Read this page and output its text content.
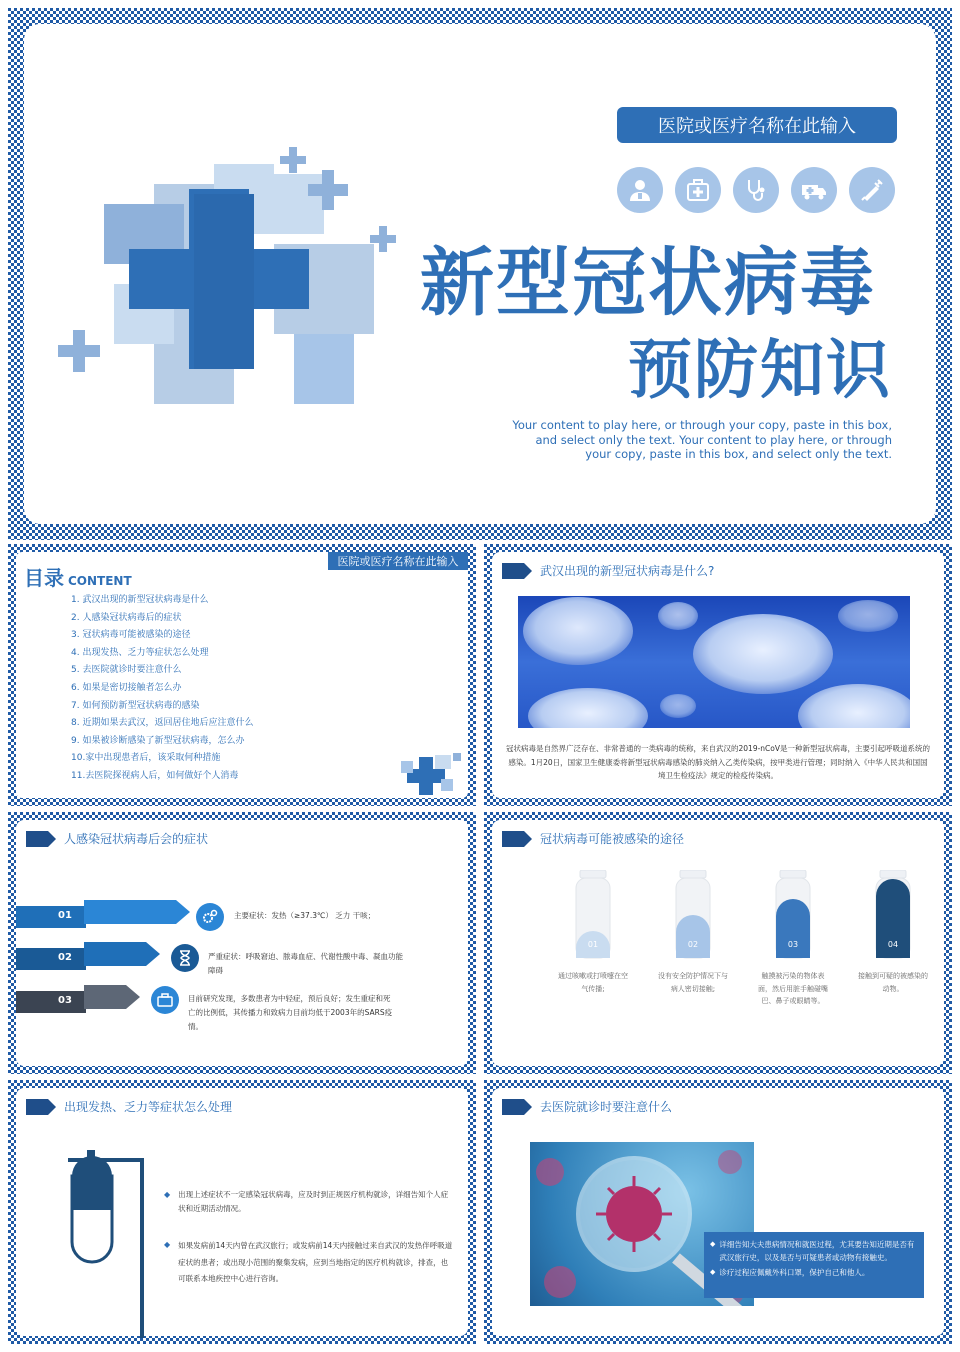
医院或医疗名称在此输入
新型冠状病毒
预防知识
Your content to play here, or through your copy, paste in this box, and select only the text. Your content to play here, or through your copy, paste in this box, and select only the text.
目录 CONTENT
医院或医疗名称在此输入
1. 武汉出现的新型冠状病毒是什么
2. 人感染冠状病毒后的症状
3. 冠状病毒可能被感染的途径
4. 出现发热、乏力等症状怎么处理
5. 去医院就诊时要注意什么
6. 如果是密切接触者怎么办
7. 如何预防新型冠状病毒的感染
8. 近期如果去武汉，返回居住地后应注意什么
9. 如果被诊断感染了新型冠状病毒，怎么办
10.家中出现患者后，该采取何种措施
11.去医院探视病人后，如何做好个人消毒
武汉出现的新型冠状病毒是什么?
冠状病毒是自然界广泛存在、非常普通的一类病毒的统称，来自武汉的2019-nCoV是一种新型冠状病毒，主要引起呼吸道系统的感染。1月20日，国家卫生健康委将新型冠状病毒感染的肺炎纳入乙类传染病，按甲类进行管理；同时纳入《中华人民共和国国境卫生检疫法》规定的检疫传染病。
人感染冠状病毒后会的症状
01	主要症状：发热（≥37.3℃） 乏力 干咳；
02	严重症状：呼吸窘迫、脓毒血症、代谢性酸中毒、凝血功能障碍
03	目前研究发现，多数患者为中轻症，预后良好；发生重症和死亡的比例低，其传播力和致病力目前均低于2003年的SARS疫情。
冠状病毒可能被感染的途径
01
通过咳嗽或打喷嚏在空气传播;
02
没有安全防护情况下与病人密切接触;
03
触摸被污染的物体表面，然后用脏手触碰嘴巴、鼻子或眼睛等。
04
接触到可疑的被感染的动物。
出现发热、乏力等症状怎么处理
◆ 出现上述症状不一定感染冠状病毒，应及时到正规医疗机构就诊，详细告知个人症状和近期活动情况。
◆ 如果发病前14天内曾在武汉旅行；或发病前14天内接触过来自武汉的发热伴呼吸道症状的患者；或出现小范围的聚集发病，应到当地指定的医疗机构就诊，排查，也可联系本地疾控中心进行咨询。
去医院就诊时要注意什么
◆ 详细告知大夫患病情况和就医过程，尤其要告知近期是否有武汉旅行史，以及是否与可疑患者或动物有接触史。
◆ 诊疗过程应佩戴外科口罩，保护自己和他人。
